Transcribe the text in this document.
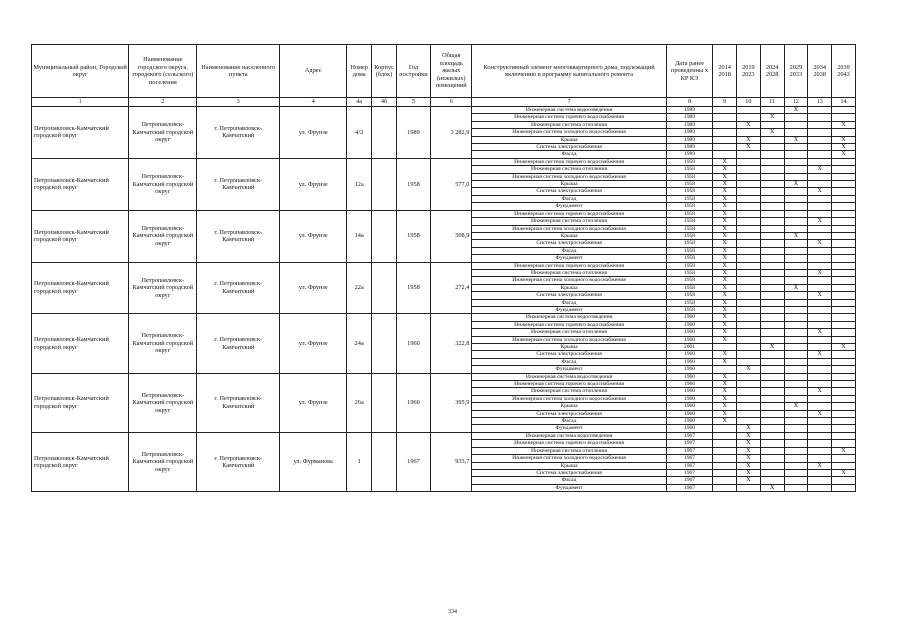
Муниципальный район, Городской округ	Наименование городского округа, городского (сельского) поселения	Наименование населенного пункта	Адрес	Номер дома	Корпус (блок)	Год постройки	Общая площадь жилых (нежилых) помещений	Конструктивный элемент многоквартирного дома, подлежащий включению в программу капитального ремонта	Дата ранее проведенны х КР КЭ	2014 2018	2019 2023	2024 2028	2029 2033	2034 2038	2039 2043
1	2	3	4	4а	4б	5	6	7	8	9	10	11	12	13	14
Петропавловск-Камчатский городской округ	Петропавловск-Камчатский городской округ	г. Петропавловск-Камчатский	ул. Фрунзе	4/2		1989	3 282,9	Инженерная система водоотведения	1989				X		
								Инженерная система горячего водоснабжения	1989			X			
								Инженерная система отопления	1989		X				X
								Инженерная система холодного водоснабжения	1989			X			
								Крыша	1989		X		X		X
								Система электроснабжения	1989		X				X
								Фасад	1989						X
Петропавловск-Камчатский городской округ	Петропавловск-Камчатский городской округ	г. Петропавловск-Камчатский	ул. Фрунзе	12а		1958	577,0	Инженерная система горячего водоснабжения	1958	X					
								Инженерная система отопления	1958	X				X	
								Инженерная система холодного водоснабжения	1958	X					
								Крыша	1958	X			X		
								Система электроснабжения	1958	X				X	
								Фасад	1958	X					
								Фундамент	1958	X					
Петропавловск-Камчатский городской округ	Петропавловск-Камчатский городской округ	г. Петропавловск-Камчатский	ул. Фрунзе	14а		1958	508,9	Инженерная система горячего водоснабжения	1958	X					
								Инженерная система отопления	1958	X				X	
								Инженерная система холодного водоснабжения	1958	X					
								Крыша	1958	X			X		
								Система электроснабжения	1958	X				X	
								Фасад	1958	X					
								Фундамент	1958	X					
Петропавловск-Камчатский городской округ	Петропавловск-Камчатский городской округ	г. Петропавловск-Камчатский	ул. Фрунзе	22а		1958	272,4	Инженерная система горячего водоснабжения	1958	X					
								Инженерная система отопления	1958	X				X	
								Инженерная система холодного водоснабжения	1958	X					
								Крыша	1958	X			X		
								Система электроснабжения	1958	X				X	
								Фасад	1958	X					
								Фундамент	1958	X					
Петропавловск-Камчатский городской округ	Петропавловск-Камчатский городской округ	г. Петропавловск-Камчатский	ул. Фрунзе	24а		1960	322,8	Инженерная система водоотведения	1960	X					
								Инженерная система горячего водоснабжения	1960	X					
								Инженерная система отопления	1960	X				X	
								Инженерная система холодного водоснабжения	1960	X					
								Крыша	2001			X			X
								Система электроснабжения	1960	X				X	
								Фасад	1960	X					
								Фундамент	1960		X				
Петропавловск-Камчатский городской округ	Петропавловск-Камчатский городской округ	г. Петропавловск-Камчатский	ул. Фрунзе	26а		1960	395,9	Инженерная система водоотведения	1960	X					
								Инженерная система горячего водоснабжения	1960	X					
								Инженерная система отопления	1960	X				X	
								Инженерная система холодного водоснабжения	1960	X					
								Крыша	1960	X			X		
								Система электроснабжения	1960	X				X	
								Фасад	1960	X					
								Фундамент	1960		X				
Петропавловск-Камчатский городской округ	Петропавловск-Камчатский городской округ	г. Петропавловск-Камчатский	ул. Фурманова	1		1967	933,7	Инженерная система водоотведения	1967		X				
								Инженерная система горячего водоснабжения	1967		X				
								Инженерная система отопления	1967		X				X
								Инженерная система холодного водоснабжения	1967		X				
								Крыша	1967		X			X	
								Система электроснабжения	1967		X				X
								Фасад	1967		X				
								Фундамент	1967			X			
334
